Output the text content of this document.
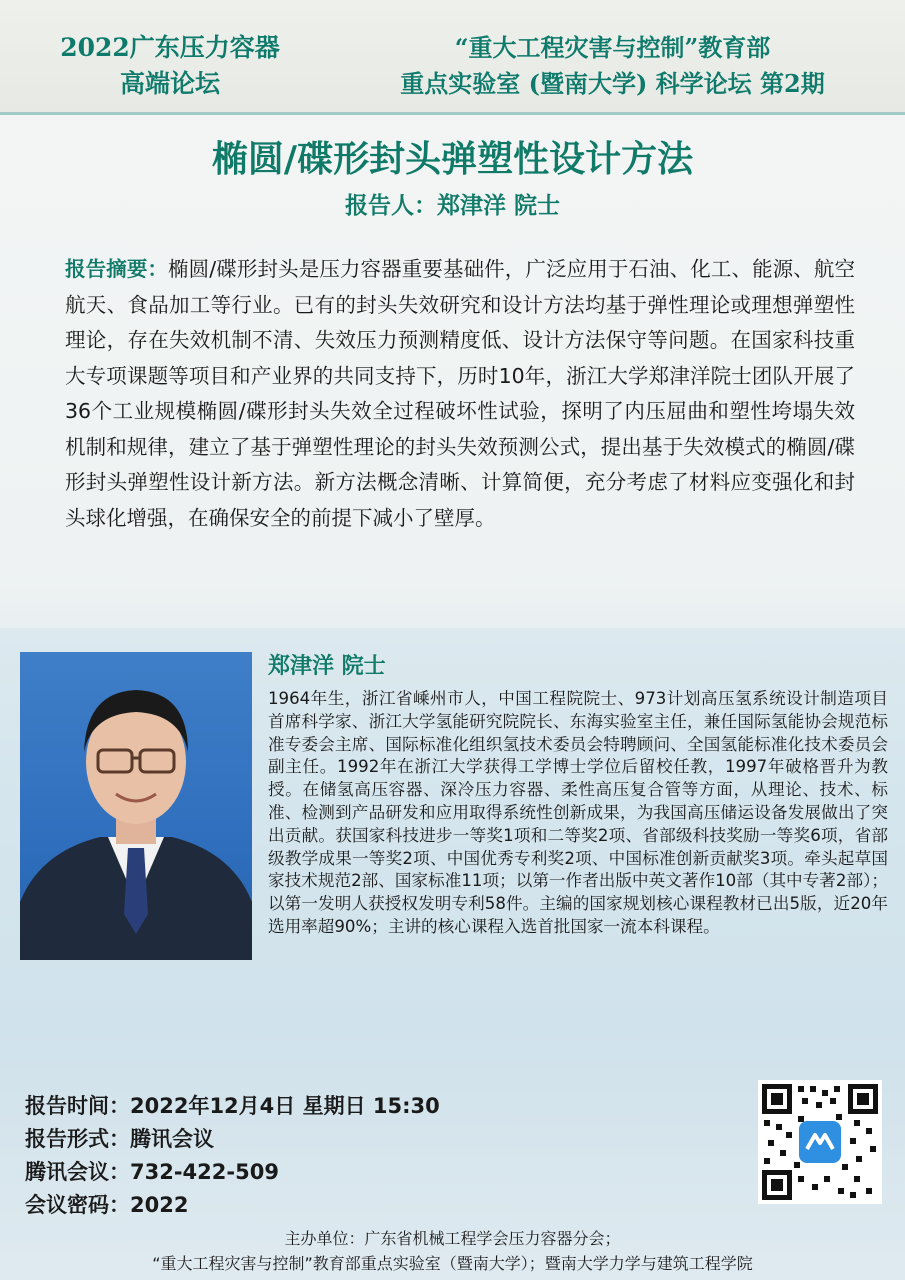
2022广东压力容器
高端论坛
“重大工程灾害与控制”教育部
重点实验室 (暨南大学) 科学论坛 第2期
椭圆/碟形封头弹塑性设计方法
报告人：郑津洋 院士
报告摘要：椭圆/碟形封头是压力容器重要基础件，广泛应用于石油、化工、能源、航空航天、食品加工等行业。已有的封头失效研究和设计方法均基于弹性理论或理想弹塑性理论，存在失效机制不清、失效压力预测精度低、设计方法保守等问题。在国家科技重大专项课题等项目和产业界的共同支持下，历时10年，浙江大学郑津洋院士团队开展了36个工业规模椭圆/碟形封头失效全过程破坏性试验，探明了内压屈曲和塑性垮塌失效机制和规律，建立了基于弹塑性理论的封头失效预测公式，提出基于失效模式的椭圆/碟形封头弹塑性设计新方法。新方法概念清晰、计算简便，充分考虑了材料应变强化和封头球化增强，在确保安全的前提下减小了壁厚。
郑津洋 院士
1964年生，浙江省嵊州市人，中国工程院院士、973计划高压氢系统设计制造项目首席科学家、浙江大学氢能研究院院长、东海实验室主任，兼任国际氢能协会规范标准专委会主席、国际标准化组织氢技术委员会特聘顾问、全国氢能标准化技术委员会副主任。1992年在浙江大学获得工学博士学位后留校任教，1997年破格晋升为教授。在储氢高压容器、深冷压力容器、柔性高压复合管等方面，从理论、技术、标准、检测到产品研发和应用取得系统性创新成果，为我国高压储运设备发展做出了突出贡献。获国家科技进步一等奖1项和二等奖2项、省部级科技奖励一等奖6项，省部级教学成果一等奖2项、中国优秀专利奖2项、中国标准创新贡献奖3项。牵头起草国家技术规范2部、国家标准11项；以第一作者出版中英文著作10部（其中专著2部）；以第一发明人获授权发明专利58件。主编的国家规划核心课程教材已出5版，近20年选用率超90%；主讲的核心课程入选首批国家一流本科课程。
报告时间：2022年12月4日 星期日 15:30
报告形式：腾讯会议
腾讯会议：732-422-509
会议密码：2022
主办单位：广东省机械工程学会压力容器分会；
“重大工程灾害与控制”教育部重点实验室（暨南大学）；暨南大学力学与建筑工程学院
